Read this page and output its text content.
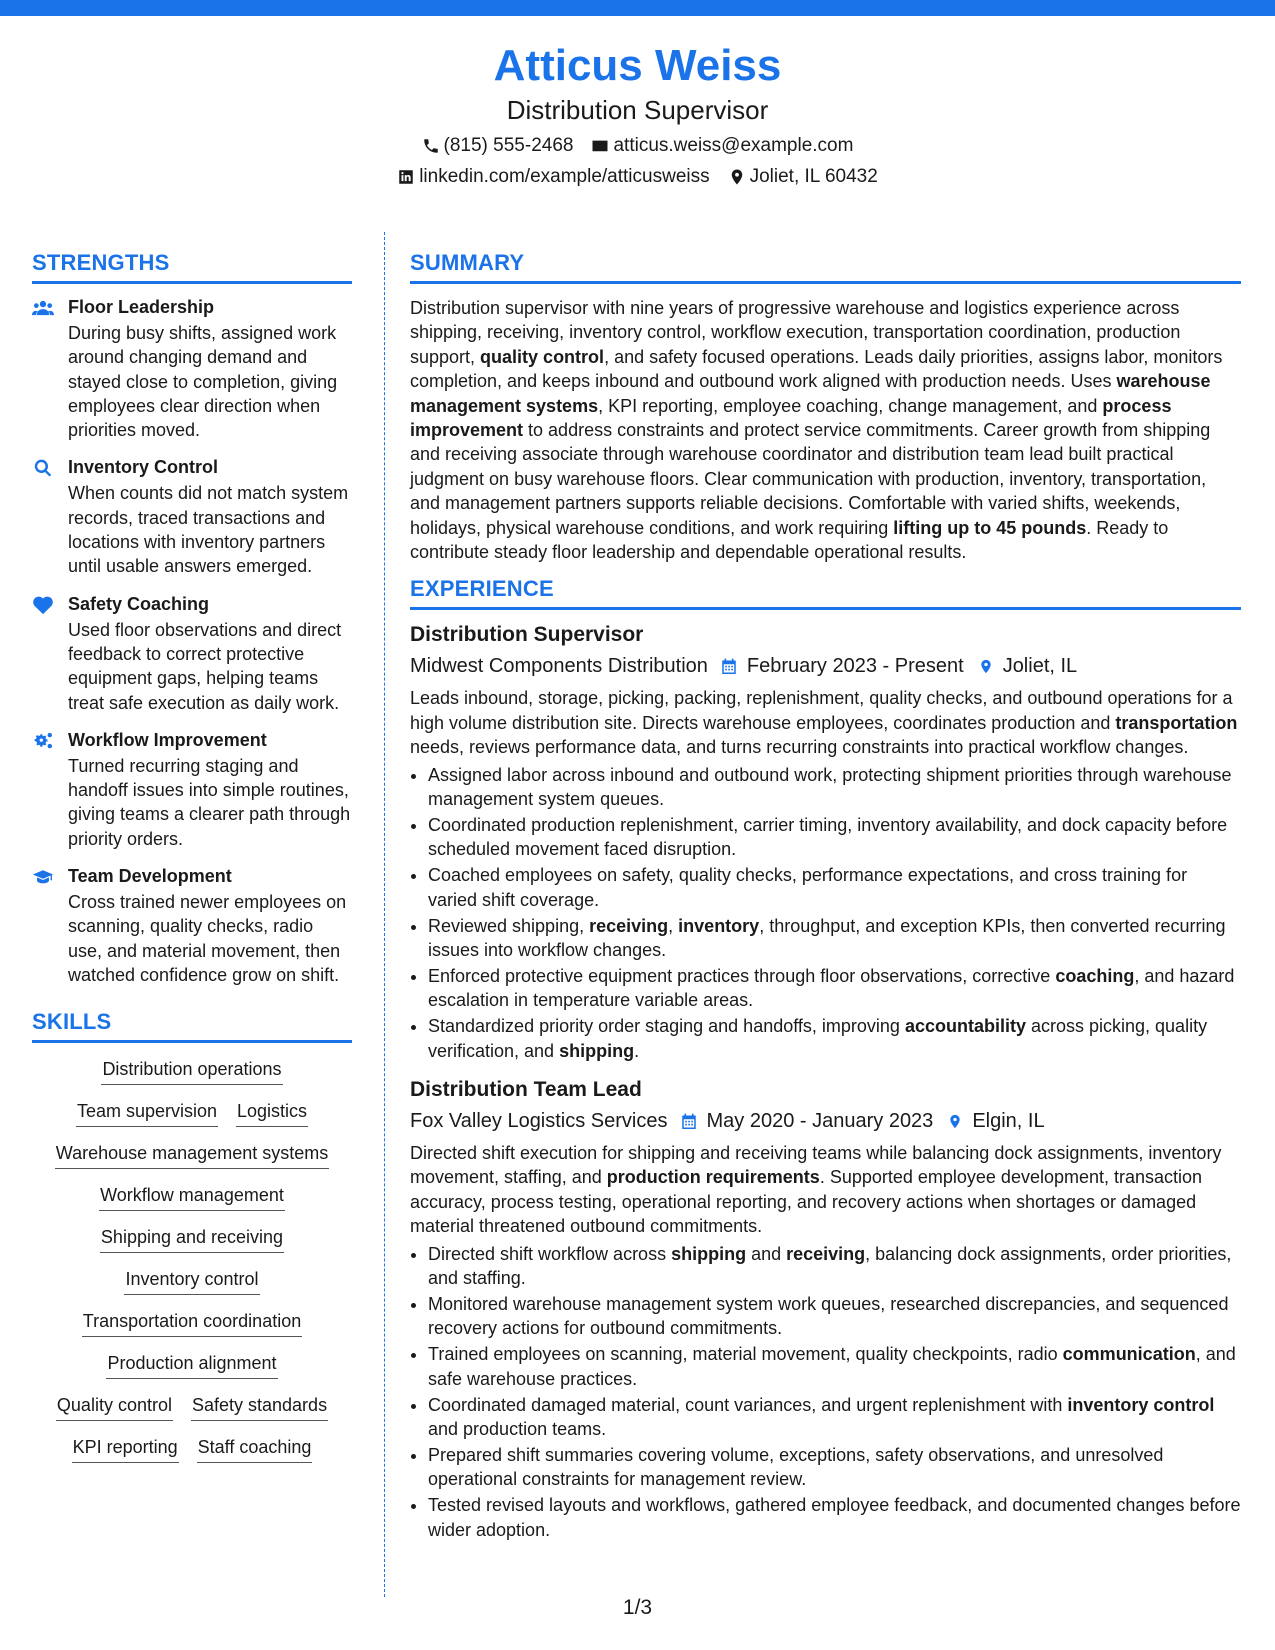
Atticus Weiss
Distribution Supervisor
(815) 555-2468 atticus.weiss@example.com
linkedin.com/example/atticusweiss Joliet, IL 60432
STRENGTHS
Floor Leadership
During busy shifts, assigned work around changing demand and stayed close to completion, giving employees clear direction when priorities moved.
Inventory Control
When counts did not match system records, traced transactions and locations with inventory partners until usable answers emerged.
Safety Coaching
Used floor observations and direct feedback to correct protective equipment gaps, helping teams treat safe execution as daily work.
Workflow Improvement
Turned recurring staging and handoff issues into simple routines, giving teams a clearer path through priority orders.
Team Development
Cross trained newer employees on scanning, quality checks, radio use, and material movement, then watched confidence grow on shift.
SKILLS
Distribution operations
Team supervision Logistics
Warehouse management systems
Workflow management
Shipping and receiving
Inventory control
Transportation coordination
Production alignment
Quality control Safety standards
KPI reporting Staff coaching
SUMMARY

Distribution supervisor with nine years of progressive warehouse and logistics experience across shipping, receiving, inventory control, workflow execution, transportation coordination, production support, quality control, and safety focused operations. Leads daily priorities, assigns labor, monitors completion, and keeps inbound and outbound work aligned with production needs. Uses warehouse management systems, KPI reporting, employee coaching, change management, and process improvement to address constraints and protect service commitments. Career growth from shipping and receiving associate through warehouse coordinator and distribution team lead built practical judgment on busy warehouse floors. Clear communication with production, inventory, transportation, and management partners supports reliable decisions. Comfortable with varied shifts, weekends, holidays, physical warehouse conditions, and work requiring lifting up to 45 pounds. Ready to contribute steady floor leadership and dependable operational results.

EXPERIENCE
Distribution Supervisor
Midwest Components Distribution February 2023 - Present Joliet, IL

Leads inbound, storage, picking, packing, replenishment, quality checks, and outbound operations for a high volume distribution site. Directs warehouse employees, coordinates production and transportation needs, reviews performance data, and turns recurring constraints into practical workflow changes.

• Assigned labor across inbound and outbound work, protecting shipment priorities through warehouse management system queues.
• Coordinated production replenishment, carrier timing, inventory availability, and dock capacity before scheduled movement faced disruption.
• Coached employees on safety, quality checks, performance expectations, and cross training for varied shift coverage.
• Reviewed shipping, receiving, inventory, throughput, and exception KPIs, then converted recurring issues into workflow changes.
• Enforced protective equipment practices through floor observations, corrective coaching, and hazard escalation in temperature variable areas.
• Standardized priority order staging and handoffs, improving accountability across picking, quality verification, and shipping.
Distribution Team Lead
Fox Valley Logistics Services May 2020 - January 2023 Elgin, IL

Directed shift execution for shipping and receiving teams while balancing dock assignments, inventory movement, staffing, and production requirements. Supported employee development, transaction accuracy, process testing, operational reporting, and recovery actions when shortages or damaged material threatened outbound commitments.

• Directed shift workflow across shipping and receiving, balancing dock assignments, order priorities, and staffing.
• Monitored warehouse management system work queues, researched discrepancies, and sequenced recovery actions for outbound commitments.
• Trained employees on scanning, material movement, quality checkpoints, radio communication, and safe warehouse practices.
• Coordinated damaged material, count variances, and urgent replenishment with inventory control and production teams.
• Prepared shift summaries covering volume, exceptions, safety observations, and unresolved operational constraints for management review.
• Tested revised layouts and workflows, gathered employee feedback, and documented changes before wider adoption.
1/3
